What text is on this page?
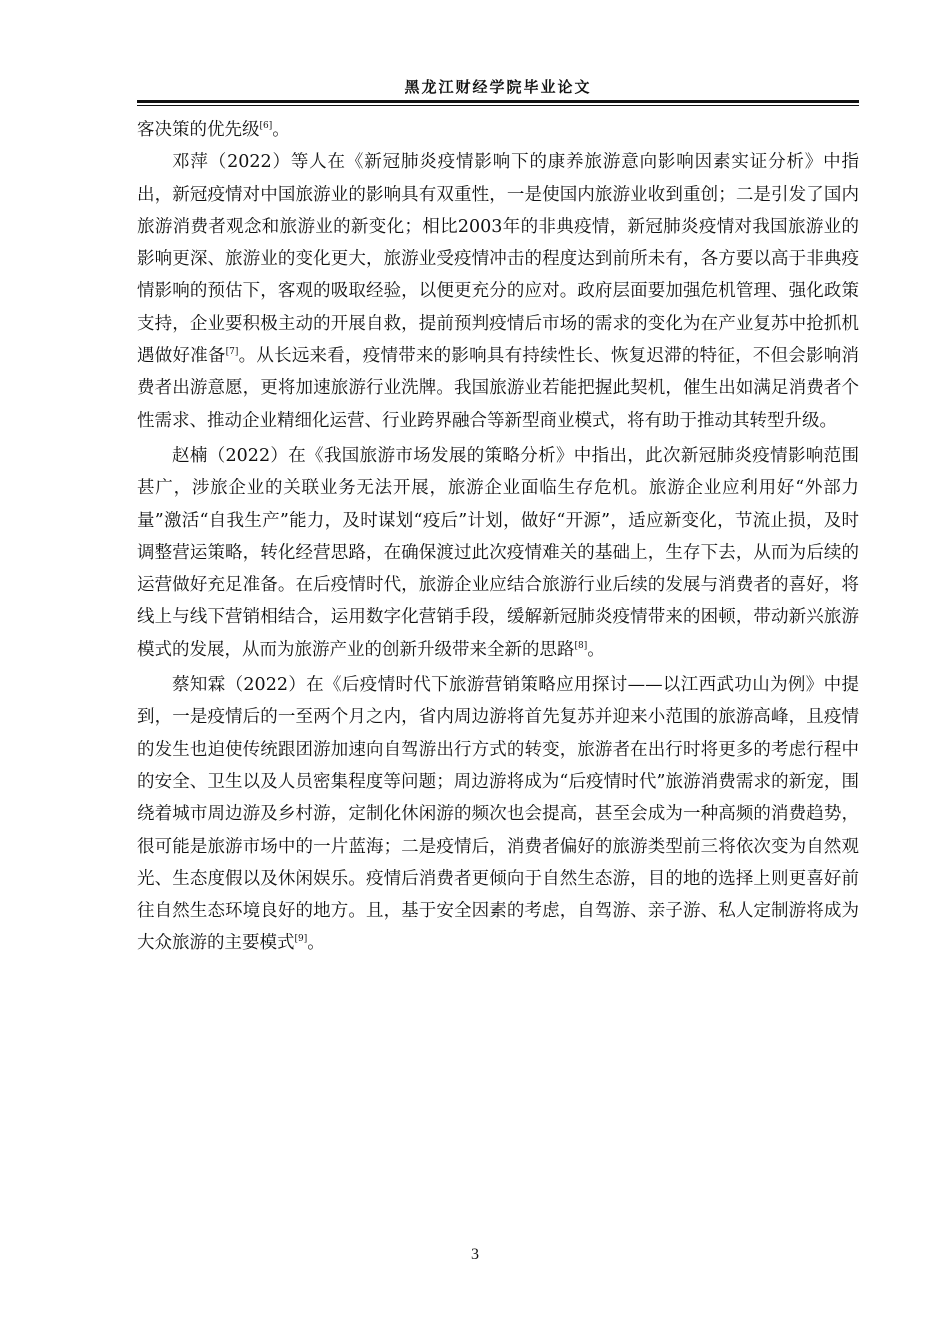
黑龙江财经学院毕业论文

客决策的优先级[6]。

邓萍（2022）等人在《新冠肺炎疫情影响下的康养旅游意向影响因素实证分析》中指出，新冠疫情对中国旅游业的影响具有双重性，一是使国内旅游业收到重创；二是引发了国内旅游消费者观念和旅游业的新变化；相比2003年的非典疫情，新冠肺炎疫情对我国旅游业的影响更深、旅游业的变化更大，旅游业受疫情冲击的程度达到前所未有，各方要以高于非典疫情影响的预估下，客观的吸取经验，以便更充分的应对。政府层面要加强危机管理、强化政策支持，企业要积极主动的开展自救，提前预判疫情后市场的需求的变化为在产业复苏中抢抓机遇做好准备[7]。从长远来看，疫情带来的影响具有持续性长、恢复迟滞的特征，不但会影响消费者出游意愿，更将加速旅游行业洗牌。我国旅游业若能把握此契机，催生出如满足消费者个性需求、推动企业精细化运营、行业跨界融合等新型商业模式，将有助于推动其转型升级。

赵楠（2022）在《我国旅游市场发展的策略分析》中指出，此次新冠肺炎疫情影响范围甚广，涉旅企业的关联业务无法开展，旅游企业面临生存危机。旅游企业应利用好“外部力量”激活“自我生产”能力，及时谋划“疫后”计划，做好“开源”，适应新变化，节流止损，及时调整营运策略，转化经营思路，在确保渡过此次疫情难关的基础上，生存下去，从而为后续的运营做好充足准备。在后疫情时代，旅游企业应结合旅游行业后续的发展与消费者的喜好，将线上与线下营销相结合，运用数字化营销手段，缓解新冠肺炎疫情带来的困顿，带动新兴旅游模式的发展，从而为旅游产业的创新升级带来全新的思路[8]。

蔡知霖（2022）在《后疫情时代下旅游营销策略应用探讨——以江西武功山为例》中提到，一是疫情后的一至两个月之内，省内周边游将首先复苏并迎来小范围的旅游高峰，且疫情的发生也迫使传统跟团游加速向自驾游出行方式的转变，旅游者在出行时将更多的考虑行程中的安全、卫生以及人员密集程度等问题；周边游将成为“后疫情时代”旅游消费需求的新宠，围绕着城市周边游及乡村游，定制化休闲游的频次也会提高，甚至会成为一种高频的消费趋势，很可能是旅游市场中的一片蓝海；二是疫情后，消费者偏好的旅游类型前三将依次变为自然观光、生态度假以及休闲娱乐。疫情后消费者更倾向于自然生态游，目的地的选择上则更喜好前往自然生态环境良好的地方。且，基于安全因素的考虑，自驾游、亲子游、私人定制游将成为大众旅游的主要模式[9]。

3
